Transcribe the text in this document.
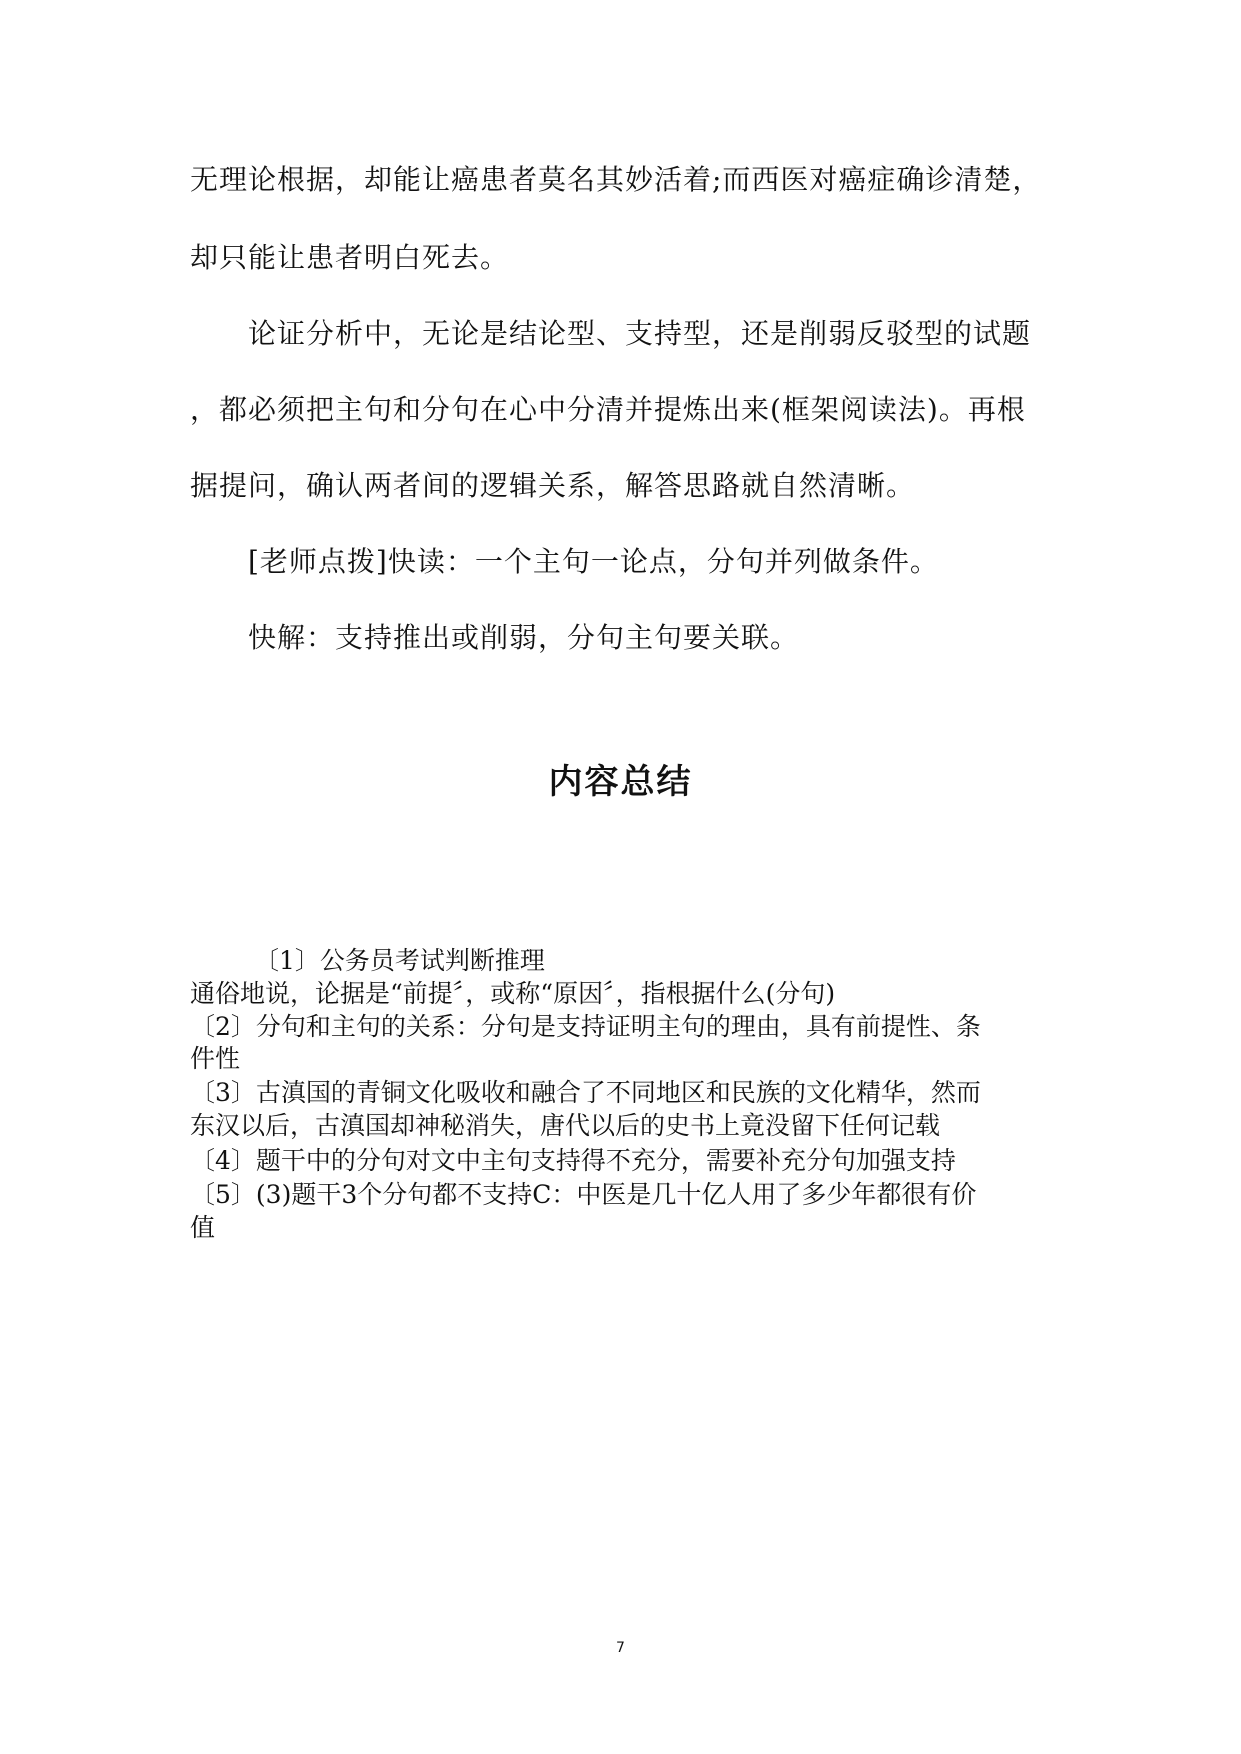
无理论根据，却能让癌患者莫名其妙活着;而西医对癌症确诊清楚，
却只能让患者明白死去。
论证分析中，无论是结论型、支持型，还是削弱反驳型的试题
，都必须把主句和分句在心中分清并提炼出来(框架阅读法)。再根
据提问，确认两者间的逻辑关系，解答思路就自然清晰。
[老师点拨]快读：一个主句一论点，分句并列做条件。
快解：支持推出或削弱，分句主句要关联。
内容总结
〔1〕公务员考试判断推理
通俗地说，论据是“前提〞，或称“原因〞，指根据什么(分句)
〔2〕分句和主句的关系：分句是支持证明主句的理由，具有前提性、条
件性
〔3〕古滇国的青铜文化吸收和融合了不同地区和民族的文化精华，然而
东汉以后，古滇国却神秘消失，唐代以后的史书上竟没留下任何记载
〔4〕题干中的分句对文中主句支持得不充分，需要补充分句加强支持
〔5〕(3)题干3个分句都不支持C：中医是几十亿人用了多少年都很有价
值
7
